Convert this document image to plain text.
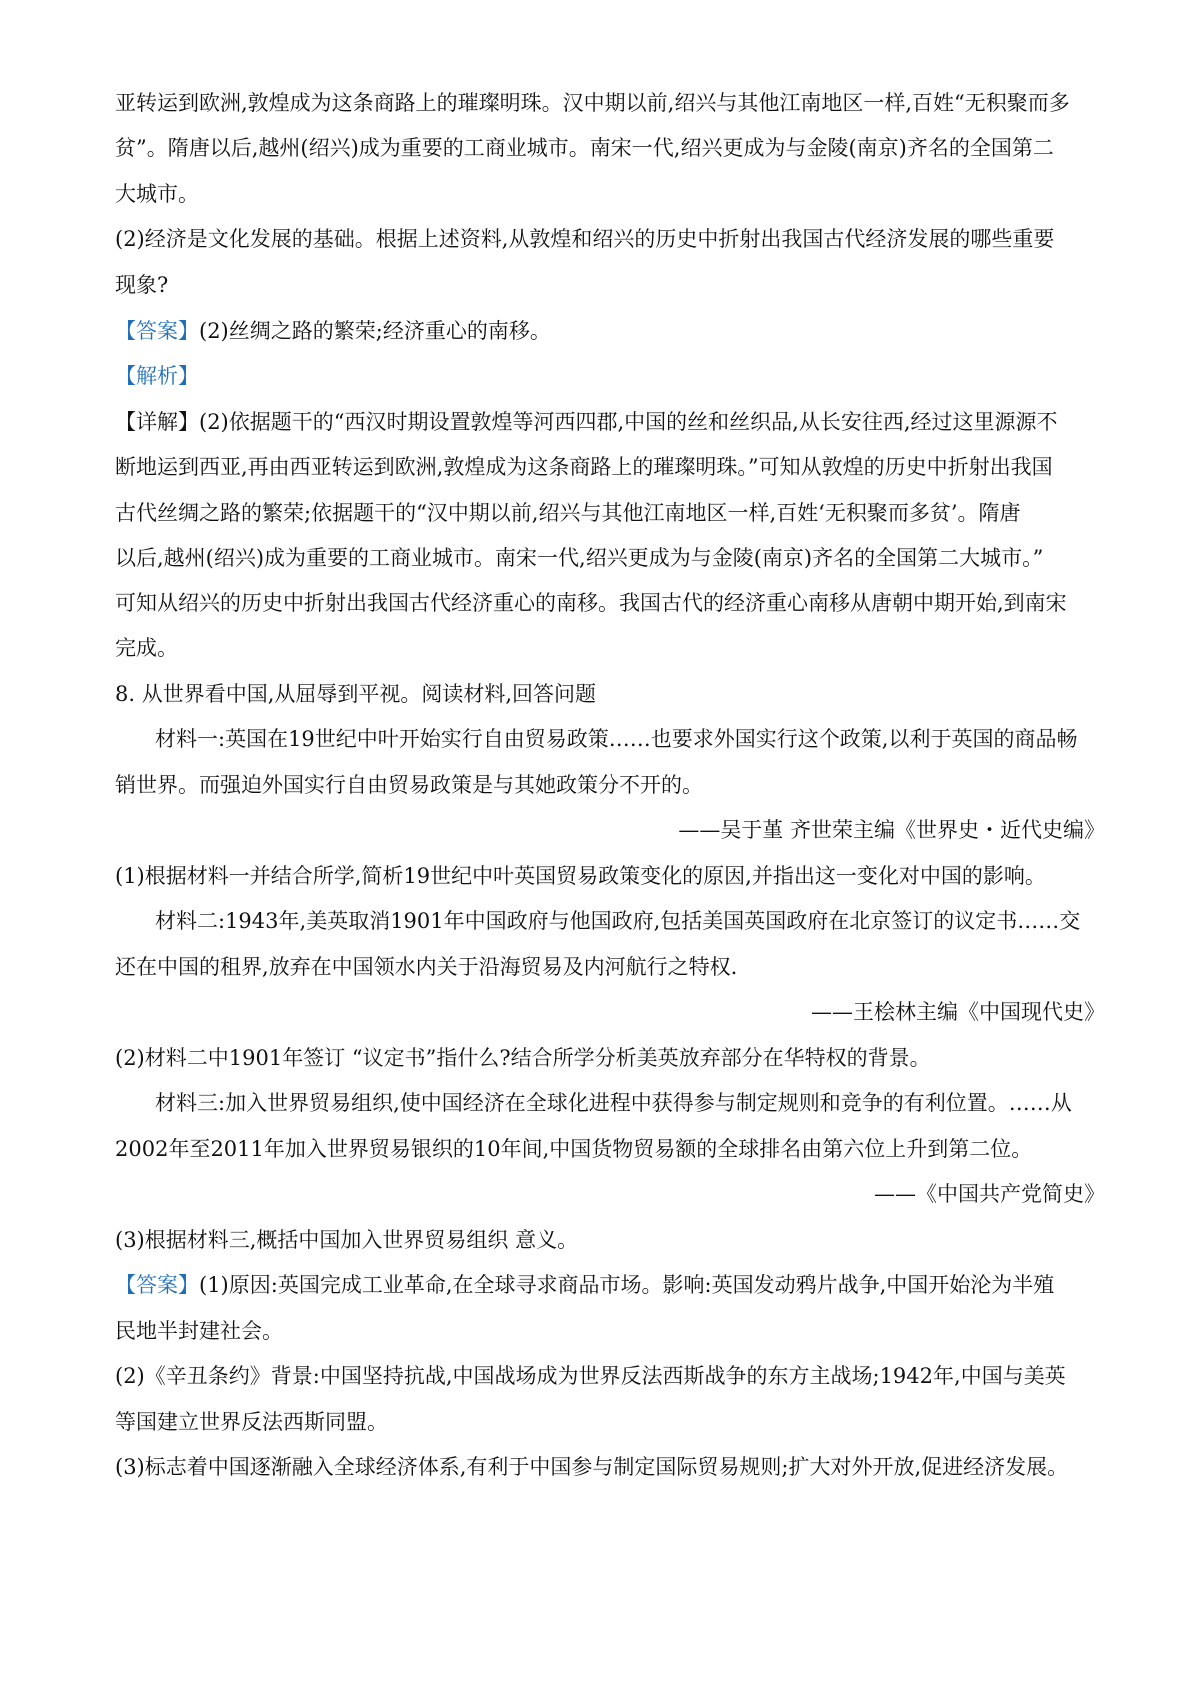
亚转运到欧洲,敦煌成为这条商路上的璀璨明珠。汉中期以前,绍兴与其他江南地区一样,百姓“无积聚而多
贫”。隋唐以后,越州(绍兴)成为重要的工商业城市。南宋一代,绍兴更成为与金陵(南京)齐名的全国第二
大城市。
(2)经济是文化发展的基础。根据上述资料,从敦煌和绍兴的历史中折射出我国古代经济发展的哪些重要
现象?
【答案】(2)丝绸之路的繁荣;经济重心的南移。
【解析】
【详解】(2)依据题干的“西汉时期设置敦煌等河西四郡,中国的丝和丝织品,从长安往西,经过这里源源不
断地运到西亚,再由西亚转运到欧洲,敦煌成为这条商路上的璀璨明珠。”可知从敦煌的历史中折射出我国
古代丝绸之路的繁荣;依据题干的“汉中期以前,绍兴与其他江南地区一样,百姓‘无积聚而多贫’。隋唐
以后,越州(绍兴)成为重要的工商业城市。南宋一代,绍兴更成为与金陵(南京)齐名的全国第二大城市。”
可知从绍兴的历史中折射出我国古代经济重心的南移。我国古代的经济重心南移从唐朝中期开始,到南宋
完成。
8. 从世界看中国,从屈辱到平视。阅读材料,回答问题
材料一:英国在19世纪中叶开始实行自由贸易政策……也要求外国实行这个政策,以利于英国的商品畅
销世界。而强迫外国实行自由贸易政策是与其她政策分不开的。
——吴于堇 齐世荣主编《世界史・近代史编》
(1)根据材料一并结合所学,简析19世纪中叶英国贸易政策变化的原因,并指出这一变化对中国的影响。
材料二:1943年,美英取消1901年中国政府与他国政府,包括美国英国政府在北京签订的议定书……交
还在中国的租界,放弃在中国领水内关于沿海贸易及内河航行之特权.
——王桧林主编《中国现代史》
(2)材料二中1901年签订 “议定书”指什么?结合所学分析美英放弃部分在华特权的背景。
材料三:加入世界贸易组织,使中国经济在全球化进程中获得参与制定规则和竞争的有利位置。……从
2002年至2011年加入世界贸易银织的10年间,中国货物贸易额的全球排名由第六位上升到第二位。
——《中国共产党简史》
(3)根据材料三,概括中国加入世界贸易组织 意义。
【答案】(1)原因:英国完成工业革命,在全球寻求商品市场。影响:英国发动鸦片战争,中国开始沦为半殖
民地半封建社会。
(2)《辛丑条约》背景:中国坚持抗战,中国战场成为世界反法西斯战争的东方主战场;1942年,中国与美英
等国建立世界反法西斯同盟。
(3)标志着中国逐渐融入全球经济体系,有利于中国参与制定国际贸易规则;扩大对外开放,促进经济发展。
